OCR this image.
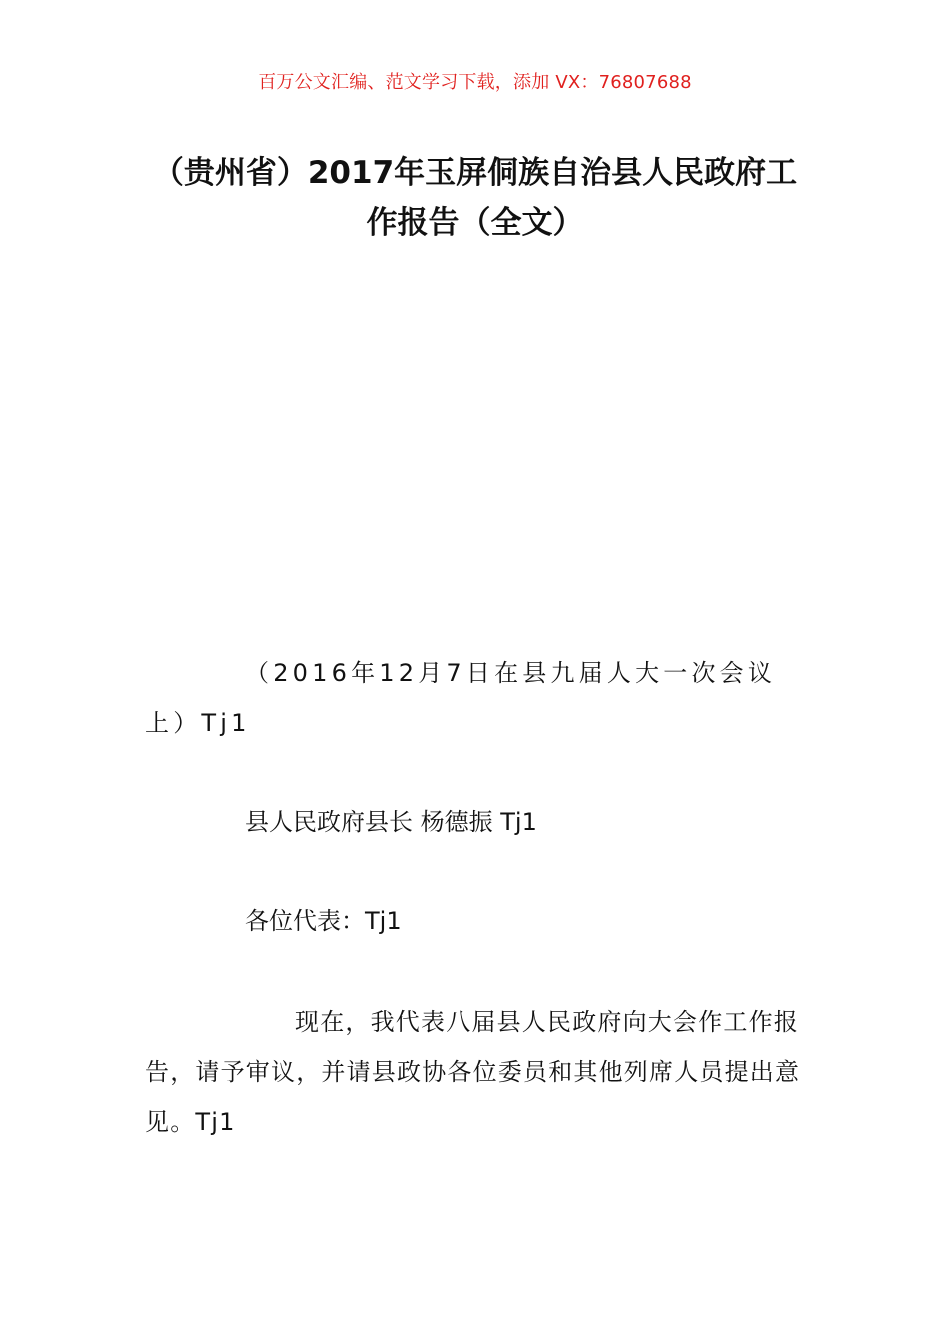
百万公文汇编、范文学习下载，添加 VX：76807688
（贵州省）2017年玉屏侗族自治县人民政府工作报告（全文）
（2016年12月7日在县九届人大一次会议上）Tj1
县人民政府县长 杨德振 Tj1
各位代表：Tj1
现在，我代表八届县人民政府向大会作工作报告，请予审议，并请县政协各位委员和其他列席人员提出意见。Tj1
